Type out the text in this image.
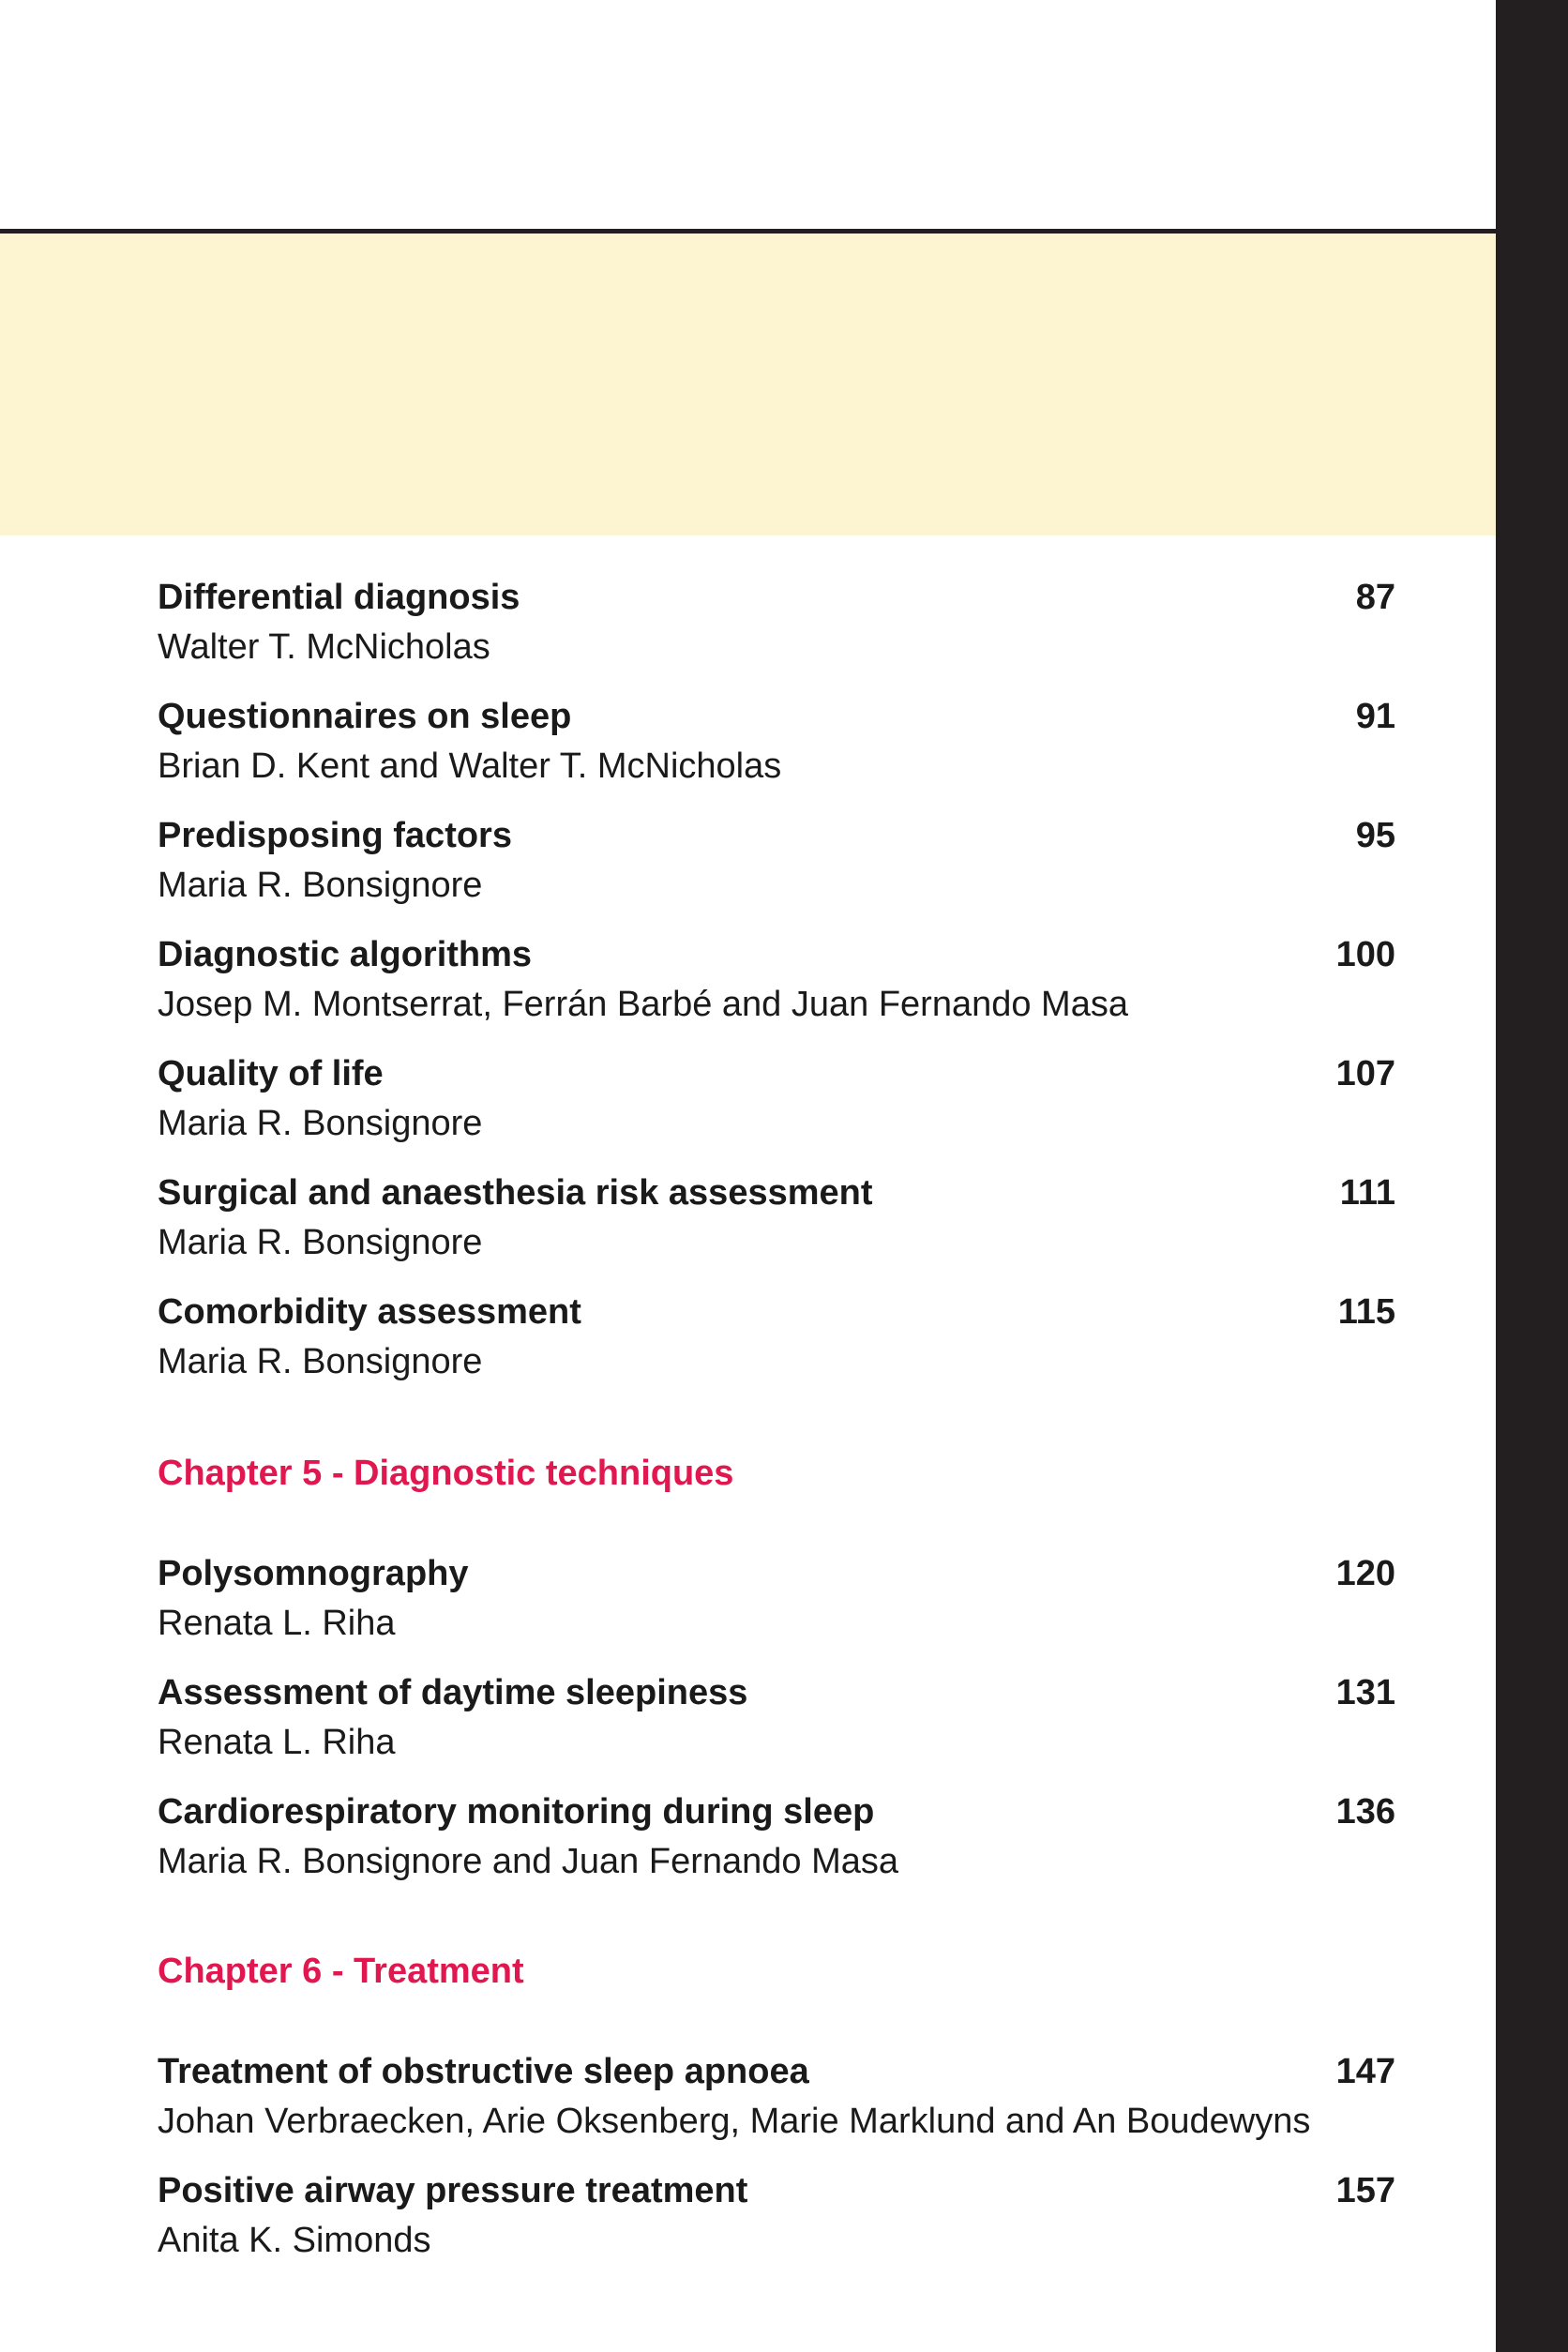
Differential diagnosis	87
Walter T. McNicholas
Questionnaires on sleep	91
Brian D. Kent and Walter T. McNicholas
Predisposing factors	95
Maria R. Bonsignore
Diagnostic algorithms	100
Josep M. Montserrat, Ferrán Barbé and Juan Fernando Masa
Quality of life	107
Maria R. Bonsignore
Surgical and anaesthesia risk assessment	111
Maria R. Bonsignore
Comorbidity assessment	115
Maria R. Bonsignore
Chapter 5 - Diagnostic techniques
Polysomnography	120
Renata L. Riha
Assessment of daytime sleepiness	131
Renata L. Riha
Cardiorespiratory monitoring during sleep	136
Maria R. Bonsignore and Juan Fernando Masa
Chapter 6 - Treatment
Treatment of obstructive sleep apnoea	147
Johan Verbraecken, Arie Oksenberg, Marie Marklund and An Boudewyns
Positive airway pressure treatment	157
Anita K. Simonds
